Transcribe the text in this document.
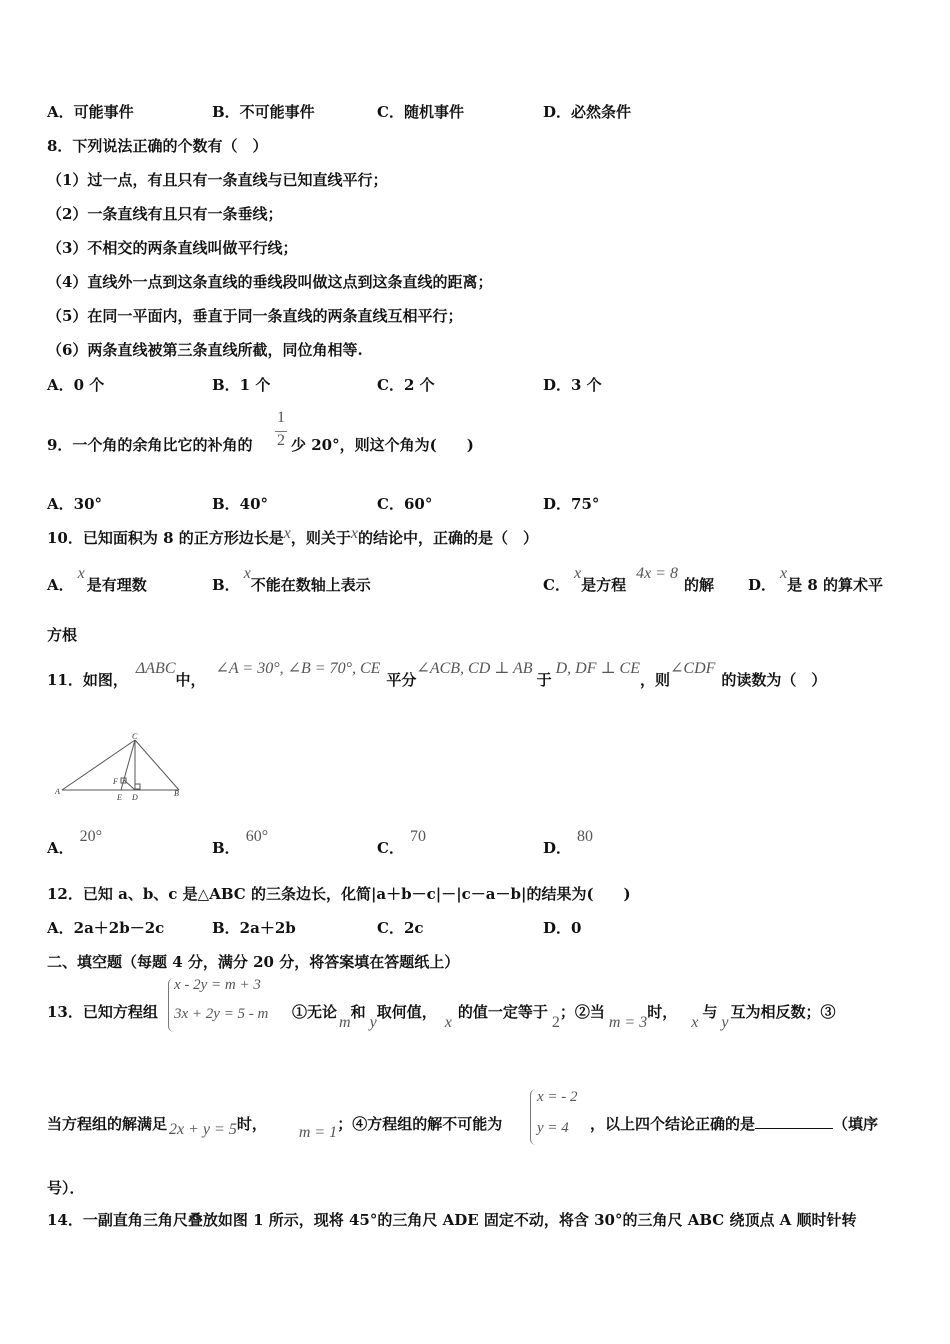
A．可能事件	B．不可能事件	C．随机事件	D．必然条件
8．下列说法正确的个数有（　）
（1）过一点，有且只有一条直线与已知直线平行；
（2）一条直线有且只有一条垂线；
（3）不相交的两条直线叫做平行线；
（4）直线外一点到这条直线的垂线段叫做这点到这条直线的距离；
（5）在同一平面内，垂直于同一条直线的两条直线互相平行；
（6）两条直线被第三条直线所截，同位角相等.
A．0 个	B．1 个	C．2 个	D．3 个
9．一个角的余角比它的补角的
1
2 少 20°，则这个角为(　　)
A．30°	B．40°	C．60°	D．75°
10．已知面积为 8 的正方形边长是x，则关于x的结论中，正确的是（　）
A．x是有理数	B．x不能在数轴上表示	C．x是方程4x = 8的解 D．x是 8 的算术平
方根
11．如图，ΔABC中，∠A = 30°, ∠B = 70°, CE平分∠ACB, CD ⊥ AB于D, DF ⊥ CE，则∠CDF的读数为（　）
A	B
C
D
E
F
A．20°
B．60°
C．70
D．80
12．已知 a、b、c 是△ABC 的三条边长，化简|a＋b－c|－|c－a－b|的结果为(　　)
A．2a＋2b－2c	B．2a＋2b	C．2c	D．0
二、填空题（每题 4 分，满分 20 分，将答案填在答题纸上）
13．已知方程组
x - 2y = m + 3
3x + 2y = 5 - m ①无论m和y取何值，x的值一定等于2；②当m = 3时，x与y互为相反数；③
当方程组的解满足 2x + y = 5时， m = 1；④方程组的解不可能为
x = - 2
y = 4 ，以上四个结论正确的是	（填序
号）．
14．一副直角三角尺叠放如图 1 所示，现将 45°的三角尺 ADE 固定不动，将含 30°的三角尺 ABC 绕顶点 A 顺时针转
